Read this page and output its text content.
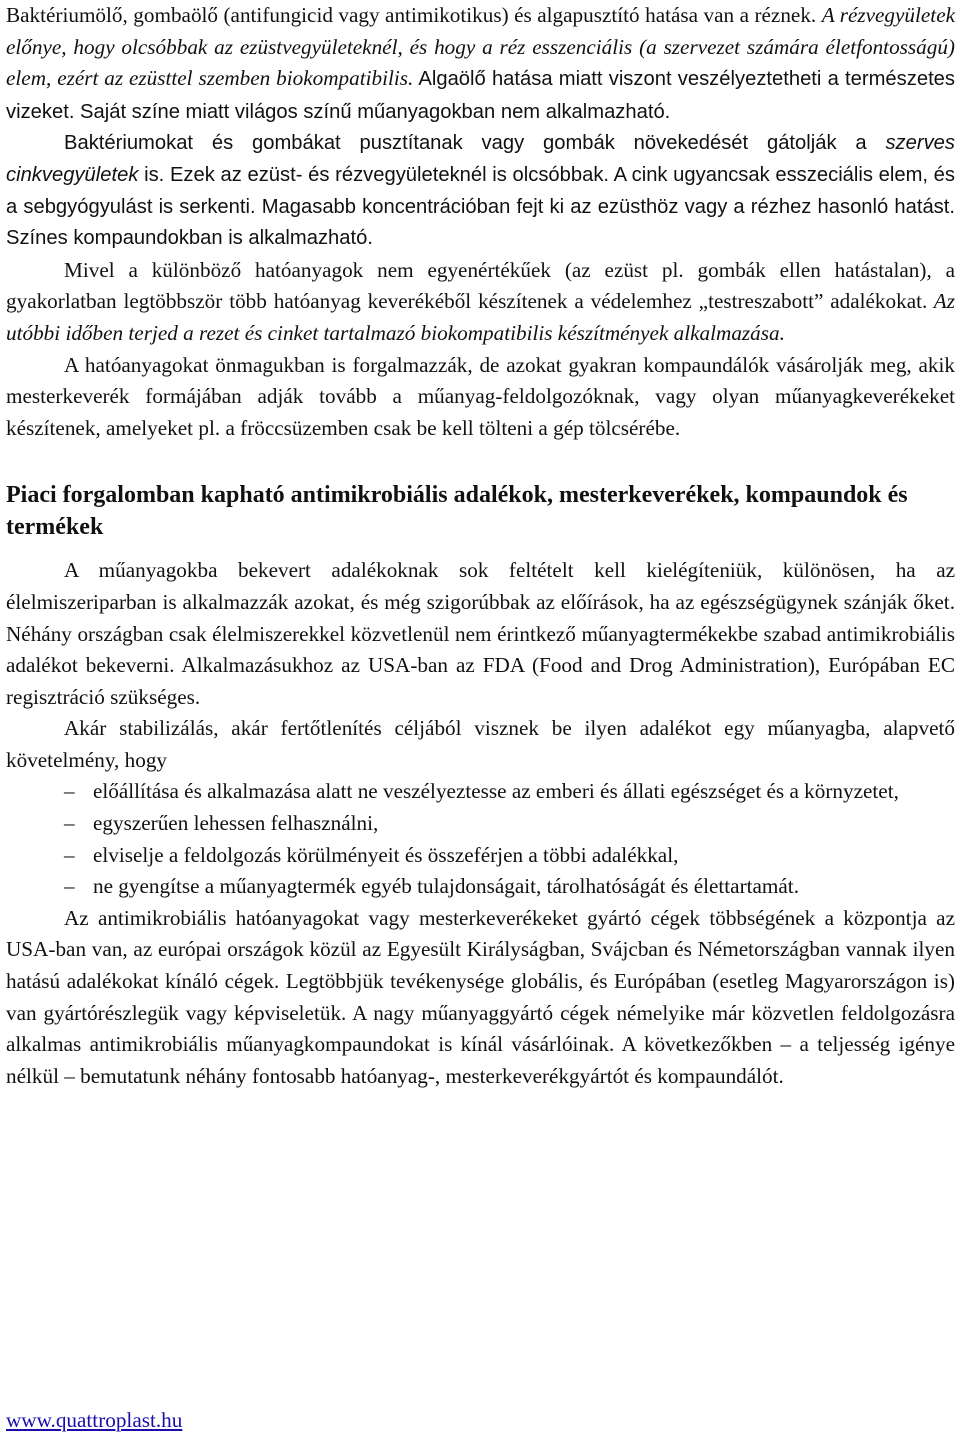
Baktériumölő, gombaölő (antifungicid vagy antimikotikus) és algapusztító hatása van a réznek. A rézvegyületek előnye, hogy olcsóbbak az ezüstvegyületeknél, és hogy a réz esszenciális (a szervezet számára életfontosságú) elem, ezért az ezüsttel szemben biokompatibilis. Algaölő hatása miatt viszont veszélyeztetheti a természetes vizeket. Saját színe miatt világos színű műanyagokban nem alkalmazható.

Baktériumokat és gombákat pusztítanak vagy gombák növekedését gátolják a szerves cinkvegyületek is. Ezek az ezüst- és rézvegyületeknél is olcsóbbak. A cink ugyancsak esszeciális elem, és a sebgyógyulást is serkenti. Magasabb koncentrációban fejt ki az ezüsthöz vagy a rézhez hasonló hatást. Színes kompaundokban is alkalmazható.

Mivel a különböző hatóanyagok nem egyenértékűek (az ezüst pl. gombák ellen hatástalan), a gyakorlatban legtöbbször több hatóanyag keverékéből készítenek a védelemhez „testreszabott” adalékokat. Az utóbbi időben terjed a rezet és cinket tartalmazó biokompatibilis készítmények alkalmazása.

A hatóanyagokat önmagukban is forgalmazzák, de azokat gyakran kompaundálók vásárolják meg, akik mesterkeverék formájában adják tovább a műanyag-feldolgozóknak, vagy olyan műanyagkeverékeket készítenek, amelyeket pl. a fröccsüzemben csak be kell tölteni a gép tölcsérébe.

Piaci forgalomban kapható antimikrobiális adalékok, mesterkeverékek, kompaundok és termékek

A műanyagokba bekevert adalékoknak sok feltételt kell kielégíteniük, különösen, ha az élelmiszeriparban is alkalmazzák azokat, és még szigorúbbak az előírások, ha az egészségügynek szánják őket. Néhány országban csak élelmiszerekkel közvetlenül nem érintkező műanyagtermékekbe szabad antimikrobiális adalékot bekeverni. Alkalmazásukhoz az USA-ban az FDA (Food and Drog Administration), Európában EC regisztráció szükséges.

Akár stabilizálás, akár fertőtlenítés céljából visznek be ilyen adalékot egy műanyagba, alapvető követelmény, hogy

– előállítása és alkalmazása alatt ne veszélyeztesse az emberi és állati egészséget és a környzetet,
– egyszerűen lehessen felhasználni,
– elviselje a feldolgozás körülményeit és összeférjen a többi adalékkal,
– ne gyengítse a műanyagtermék egyéb tulajdonságait, tárolhatóságát és élettartamát.

Az antimikrobiális hatóanyagokat vagy mesterkeverékeket gyártó cégek többségének a központja az USA-ban van, az európai országok közül az Egyesült Királyságban, Svájcban és Németországban vannak ilyen hatású adalékokat kínáló cégek. Legtöbbjük tevékenysége globális, és Európában (esetleg Magyarországon is) van gyártórészlegük vagy képviseletük. A nagy műanyaggyártó cégek némelyike már közvetlen feldolgozásra alkalmas antimikrobiális műanyagkompaundokat is kínál vásárlóinak. A következőkben – a teljesség igénye nélkül – bemutatunk néhány fontosabb hatóanyag-, mesterkeverékgyártót és kompaundálót.

www.quattroplast.hu
